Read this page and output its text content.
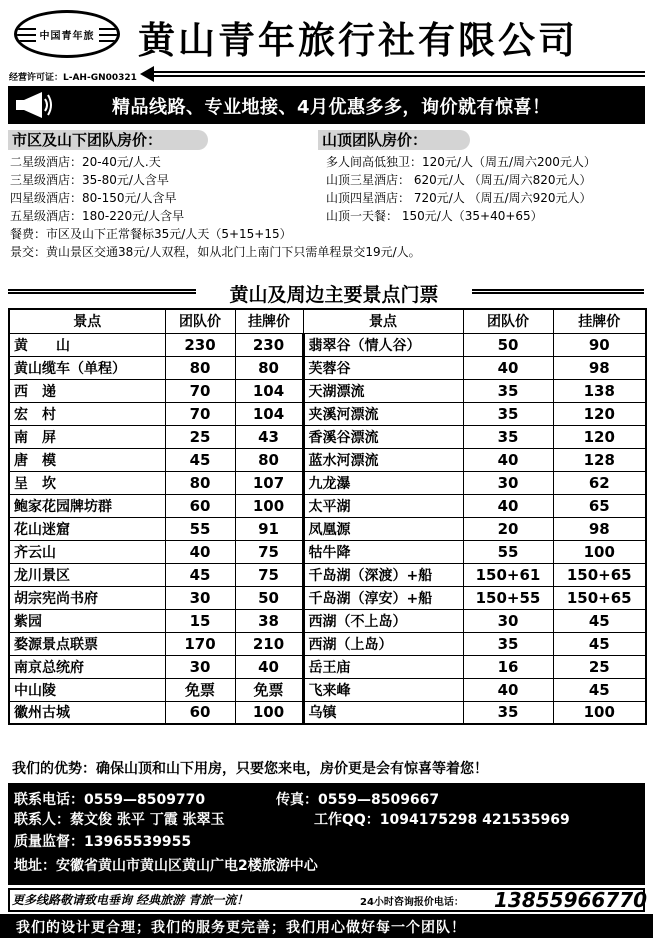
中国青年旅 黄山青年旅行社有限公司
经营许可证：L-AH-GN00321
精品线路、专业地接、4月优惠多多，询价就有惊喜！
市区及山下团队房价：
二星级酒店：20-40元/人.天
三星级酒店：35-80元/人含早
四星级酒店：80-150元/人含早
五星级酒店：180-220元/人含早
餐费：市区及山下正常餐标35元/人天（5+15+15）
景交：黄山景区交通38元/人双程，如从北门上南门下只需单程景交19元/人。
山顶团队房价：
多人间高低独卫：120元/人（周五/周六200元人）
山顶三星酒店： 620元/人 （周五/周六820元人）
山顶四星酒店： 720元/人 （周五/周六920元人）
山顶一天餐： 150元/人（35+40+65）
黄山及周边主要景点门票
景点	团队价	挂牌价	景点	团队价	挂牌价
黄　　山	230	230	翡翠谷（情人谷）	50	90
黄山缆车（单程）	80	80	芙蓉谷	40	98
西　递	70	104	天湖漂流	35	138
宏　村	70	104	夹溪河漂流	35	120
南　屏	25	43	香溪谷漂流	35	120
唐　模	45	80	蓝水河漂流	40	128
呈　坎	80	107	九龙瀑	30	62
鲍家花园牌坊群	60	100	太平湖	40	65
花山迷窟	55	91	凤凰源	20	98
齐云山	40	75	牯牛降	55	100
龙川景区	45	75	千岛湖（深渡）+船	150+61	150+65
胡宗宪尚书府	30	50	千岛湖（淳安）+船	150+55	150+65
紫园	15	38	西湖（不上岛）	30	45
婺源景点联票	170	210	西湖（上岛）	35	45
南京总统府	30	40	岳王庙	16	25
中山陵	免票	免票	飞来峰	40	45
徽州古城	60	100	乌镇	35	100
我们的优势：确保山顶和山下用房，只要您来电，房价更是会有惊喜等着您！
联系电话：0559—8509770	传真：0559—8509667
联系人：蔡文俊 张平 丁霞 张翠玉	工作QQ：1094175298 421535969
质量监督：13965539955
地址：安徽省黄山市黄山区黄山广电2楼旅游中心
更多线路敬请致电垂询 经典旅游 青旅一流！	24小时咨询报价电话： 13855966770
我们的设计更合理；我们的服务更完善；我们用心做好每一个团队！
